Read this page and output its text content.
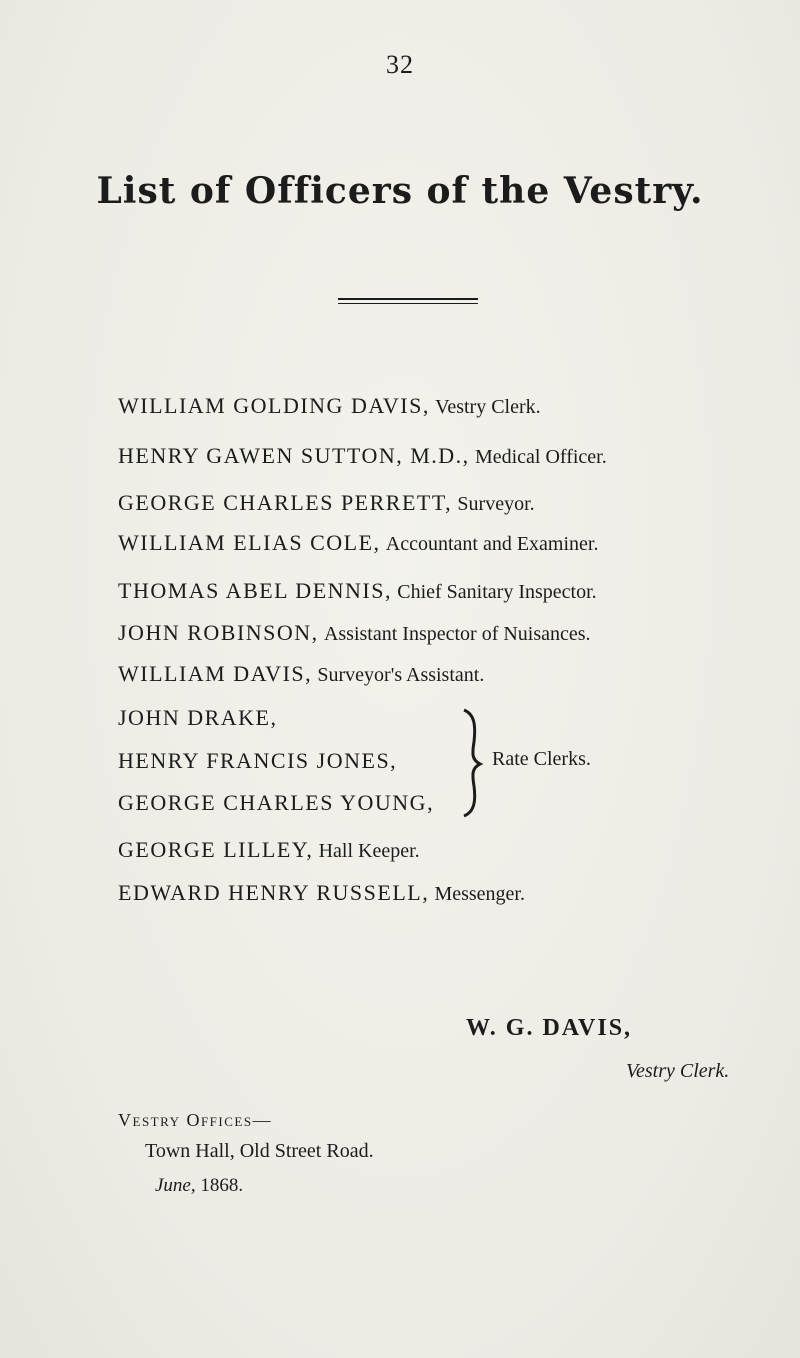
32
List of Officers of the Vestry.
WILLIAM GOLDING DAVIS, Vestry Clerk.
HENRY GAWEN SUTTON, M.D., Medical Officer.
GEORGE CHARLES PERRETT, Surveyor.
WILLIAM ELIAS COLE, Accountant and Examiner.
THOMAS ABEL DENNIS, Chief Sanitary Inspector.
JOHN ROBINSON, Assistant Inspector of Nuisances.
WILLIAM DAVIS, Surveyor's Assistant.
JOHN DRAKE,
HENRY FRANCIS JONES,
GEORGE CHARLES YOUNG,
Rate Clerks.
GEORGE LILLEY, Hall Keeper.
EDWARD HENRY RUSSELL, Messenger.
W. G. DAVIS,
Vestry Clerk.
Vestry Offices—
Town Hall, Old Street Road.
June, 1868.
